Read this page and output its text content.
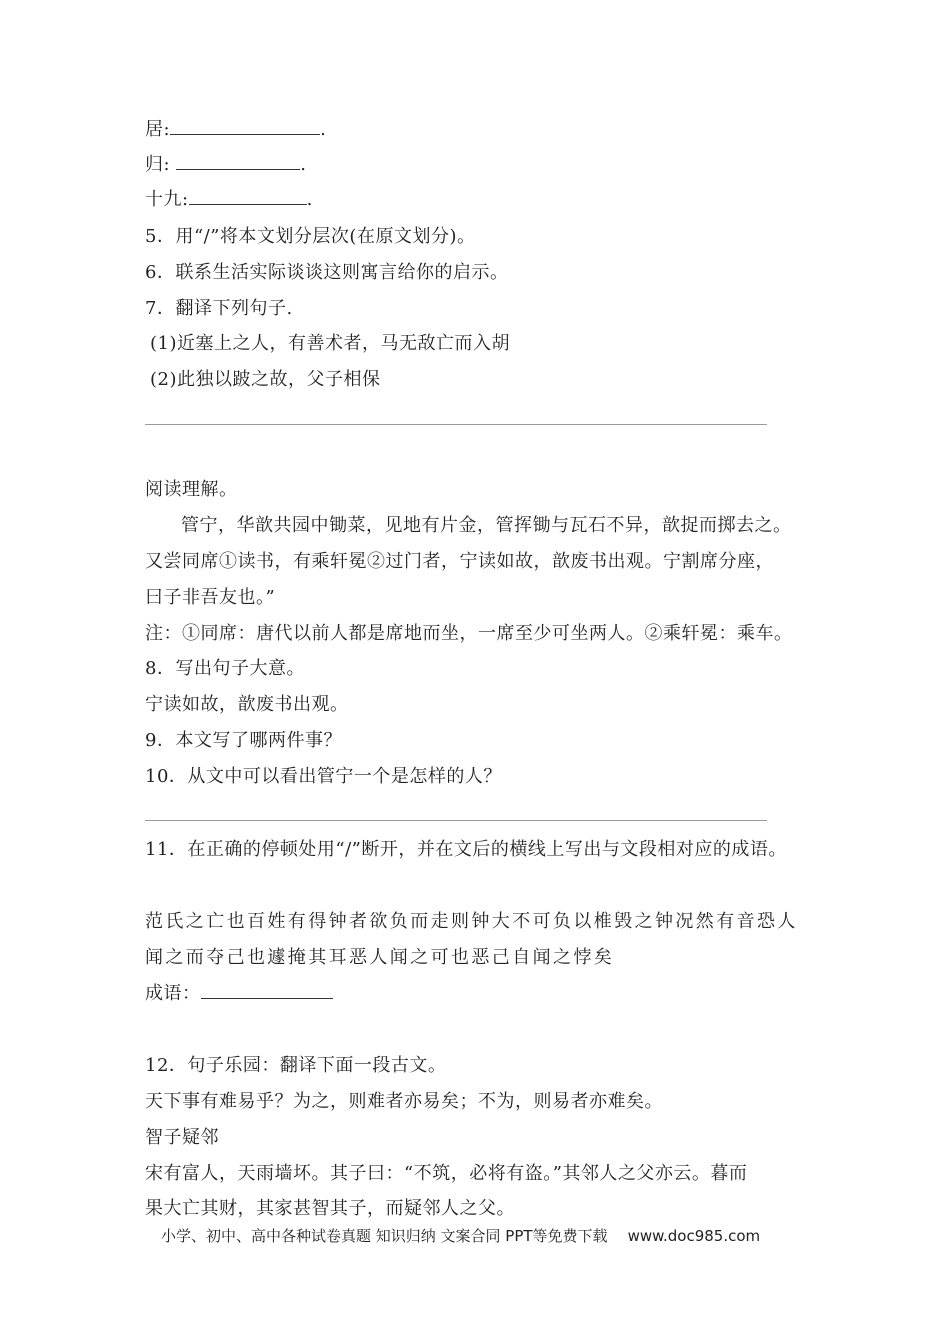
居:	.
归:	.
十九:	.
5．用“/”将本文划分层次(在原文划分)。
6．联系生活实际谈谈这则寓言给你的启示。
7．翻译下列句子.
(1)近塞上之人，有善术者，马无敌亡而入胡
(2)此独以跛之故，父子相保
阅读理解。
管宁，华歆共园中锄菜，见地有片金，管挥锄与瓦石不异，歆捉而掷去之。
又尝同席①读书，有乘轩冕②过门者，宁读如故，歆废书出观。宁割席分座，
曰子非吾友也。”
注：①同席：唐代以前人都是席地而坐，一席至少可坐两人。②乘轩冕：乘车。
8．写出句子大意。
宁读如故，歆废书出观。
9．本文写了哪两件事？
10．从文中可以看出管宁一个是怎样的人？
11．在正确的停顿处用“/”断开，并在文后的横线上写出与文段相对应的成语。
范氏之亡也百姓有得钟者欲负而走则钟大不可负以椎毁之钟况然有音恐人
闻之而夺己也遽掩其耳恶人闻之可也恶己自闻之悖矣
成语：
12．句子乐园：翻译下面一段古文。
天下事有难易乎？为之，则难者亦易矣；不为，则易者亦难矣。
智子疑邻
宋有富人，天雨墙坏。其子曰：“不筑，必将有盗。”其邻人之父亦云。暮而
果大亡其财，其家甚智其子，而疑邻人之父。
小学、初中、高中各种试卷真题 知识归纳 文案合同 PPT等免费下载 www.doc985.com
